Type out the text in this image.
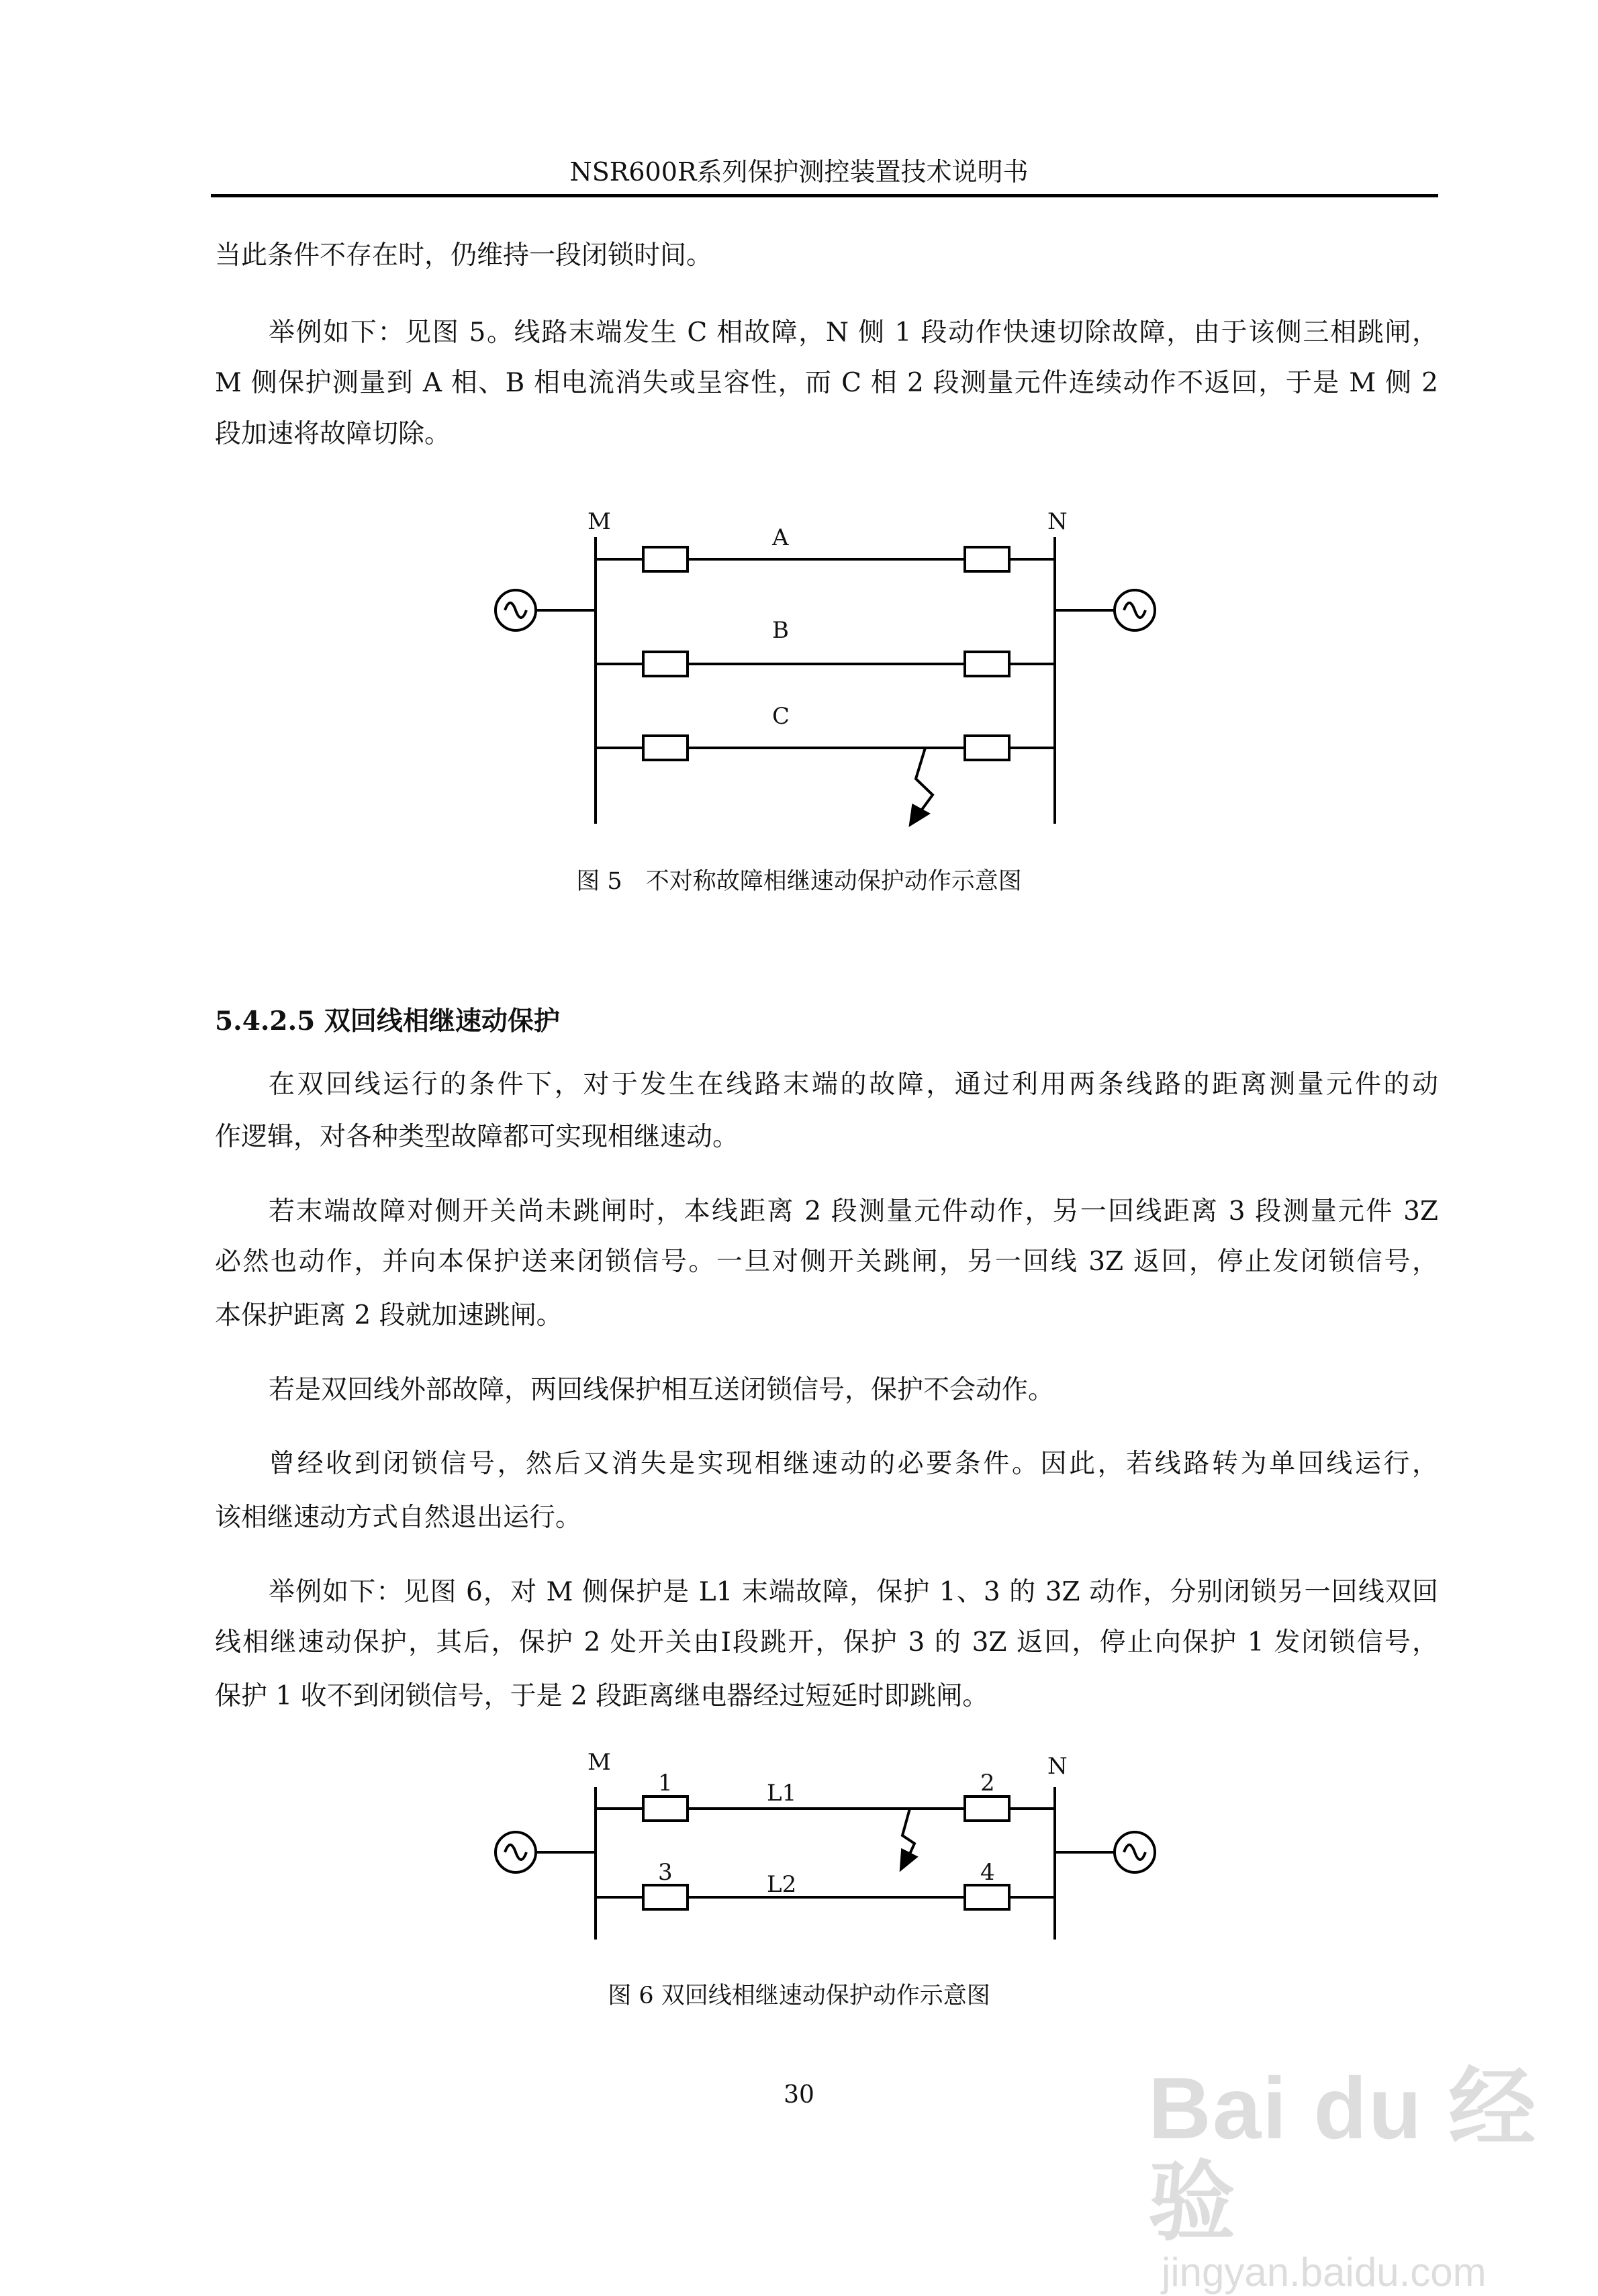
NSR600R系列保护测控装置技术说明书
当此条件不存在时，仍维持一段闭锁时间。
举例如下：见图 5。线路末端发生 C 相故障，N 侧 1 段动作快速切除故障，由于该侧三相跳闸，
M 侧保护测量到 A 相、B 相电流消失或呈容性，而 C 相 2 段测量元件连续动作不返回，于是 M 侧 2
段加速将故障切除。
M	N
A
B
C
M	N
1	2
3	4
L1
L2
图 5　不对称故障相继速动保护动作示意图
5.4.2.5 双回线相继速动保护
在双回线运行的条件下，对于发生在线路末端的故障，通过利用两条线路的距离测量元件的动
作逻辑，对各种类型故障都可实现相继速动。
若末端故障对侧开关尚未跳闸时，本线距离 2 段测量元件动作，另一回线距离 3 段测量元件 3Z
必然也动作，并向本保护送来闭锁信号。一旦对侧开关跳闸，另一回线 3Z 返回，停止发闭锁信号，
本保护距离 2 段就加速跳闸。
若是双回线外部故障，两回线保护相互送闭锁信号，保护不会动作。
曾经收到闭锁信号，然后又消失是实现相继速动的必要条件。因此，若线路转为单回线运行，
该相继速动方式自然退出运行。
举例如下：见图 6，对 M 侧保护是 L1 末端故障，保护 1、3 的 3Z 动作，分别闭锁另一回线双回
线相继速动保护，其后，保护 2 处开关由Ⅰ段跳开，保护 3 的 3Z 返回，停止向保护 1 发闭锁信号，
保护 1 收不到闭锁信号，于是 2 段距离继电器经过短延时即跳闸。
图 6 双回线相继速动保护动作示意图
30	Bai du 经验
jingyan.baidu.com
